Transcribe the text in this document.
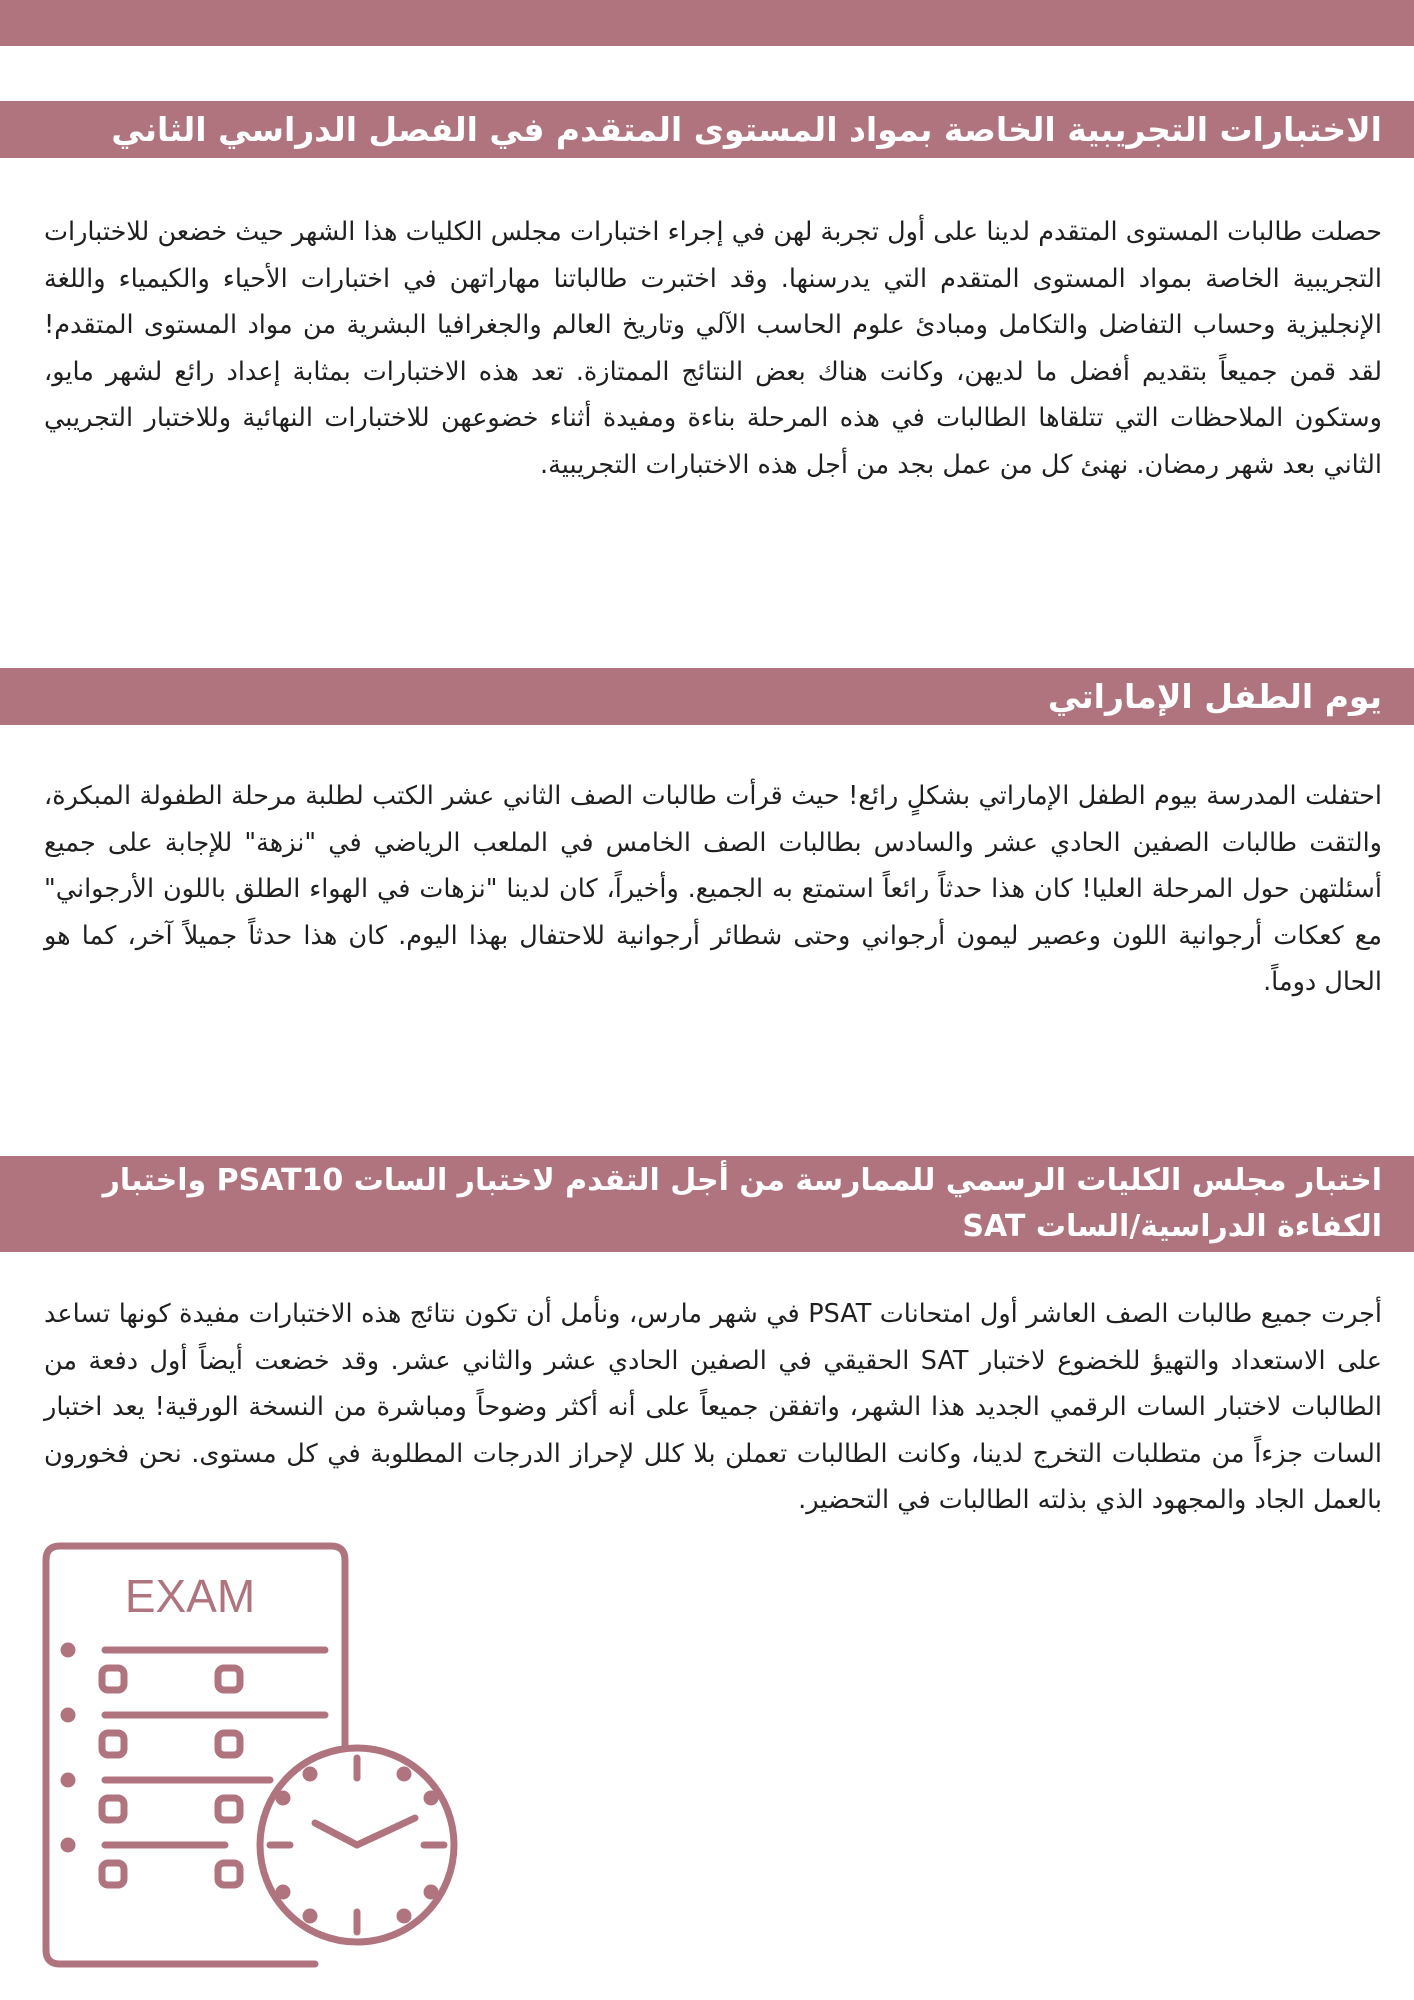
الاختبارات التجريبية الخاصة بمواد المستوى المتقدم في الفصل الدراسي الثاني

حصلت طالبات المستوى المتقدم لدينا على أول تجربة لهن في إجراء اختبارات مجلس الكليات هذا الشهر حيث خضعن للاختبارات التجريبية الخاصة بمواد المستوى المتقدم التي يدرسنها. وقد اختبرت طالباتنا مهاراتهن في اختبارات الأحياء والكيمياء واللغة الإنجليزية وحساب التفاضل والتكامل ومبادئ علوم الحاسب الآلي وتاريخ العالم والجغرافيا البشرية من مواد المستوى المتقدم! لقد قمن جميعاً بتقديم أفضل ما لديهن، وكانت هناك بعض النتائج الممتازة. تعد هذه الاختبارات بمثابة إعداد رائع لشهر مايو، وستكون الملاحظات التي تتلقاها الطالبات في هذه المرحلة بناءة ومفيدة أثناء خضوعهن للاختبارات النهائية وللاختبار التجريبي الثاني بعد شهر رمضان. نهنئ كل من عمل بجد من أجل هذه الاختبارات التجريبية.

يوم الطفل الإماراتي

احتفلت المدرسة بيوم الطفل الإماراتي بشكلٍ رائع! حيث قرأت طالبات الصف الثاني عشر الكتب لطلبة مرحلة الطفولة المبكرة، والتقت طالبات الصفين الحادي عشر والسادس بطالبات الصف الخامس في الملعب الرياضي في "نزهة" للإجابة على جميع أسئلتهن حول المرحلة العليا! كان هذا حدثاً رائعاً استمتع به الجميع. وأخيراً، كان لدينا "نزهات في الهواء الطلق باللون الأرجواني" مع كعكات أرجوانية اللون وعصير ليمون أرجواني وحتى شطائر أرجوانية للاحتفال بهذا اليوم. كان هذا حدثاً جميلاً آخر، كما هو الحال دوماً.

اختبار مجلس الكليات الرسمي للممارسة من أجل التقدم لاختبار السات PSAT10 واختبار الكفاءة الدراسية/السات SAT

أجرت جميع طالبات الصف العاشر أول امتحانات PSAT في شهر مارس، ونأمل أن تكون نتائج هذه الاختبارات مفيدة كونها تساعد على الاستعداد والتهيؤ للخضوع لاختبار SAT الحقيقي في الصفين الحادي عشر والثاني عشر. وقد خضعت أيضاً أول دفعة من الطالبات لاختبار السات الرقمي الجديد هذا الشهر، واتفقن جميعاً على أنه أكثر وضوحاً ومباشرة من النسخة الورقية! يعد اختبار السات جزءاً من متطلبات التخرج لدينا، وكانت الطالبات تعملن بلا كلل لإحراز الدرجات المطلوبة في كل مستوى. نحن فخورون بالعمل الجاد والمجهود الذي بذلته الطالبات في التحضير.

EXAM
